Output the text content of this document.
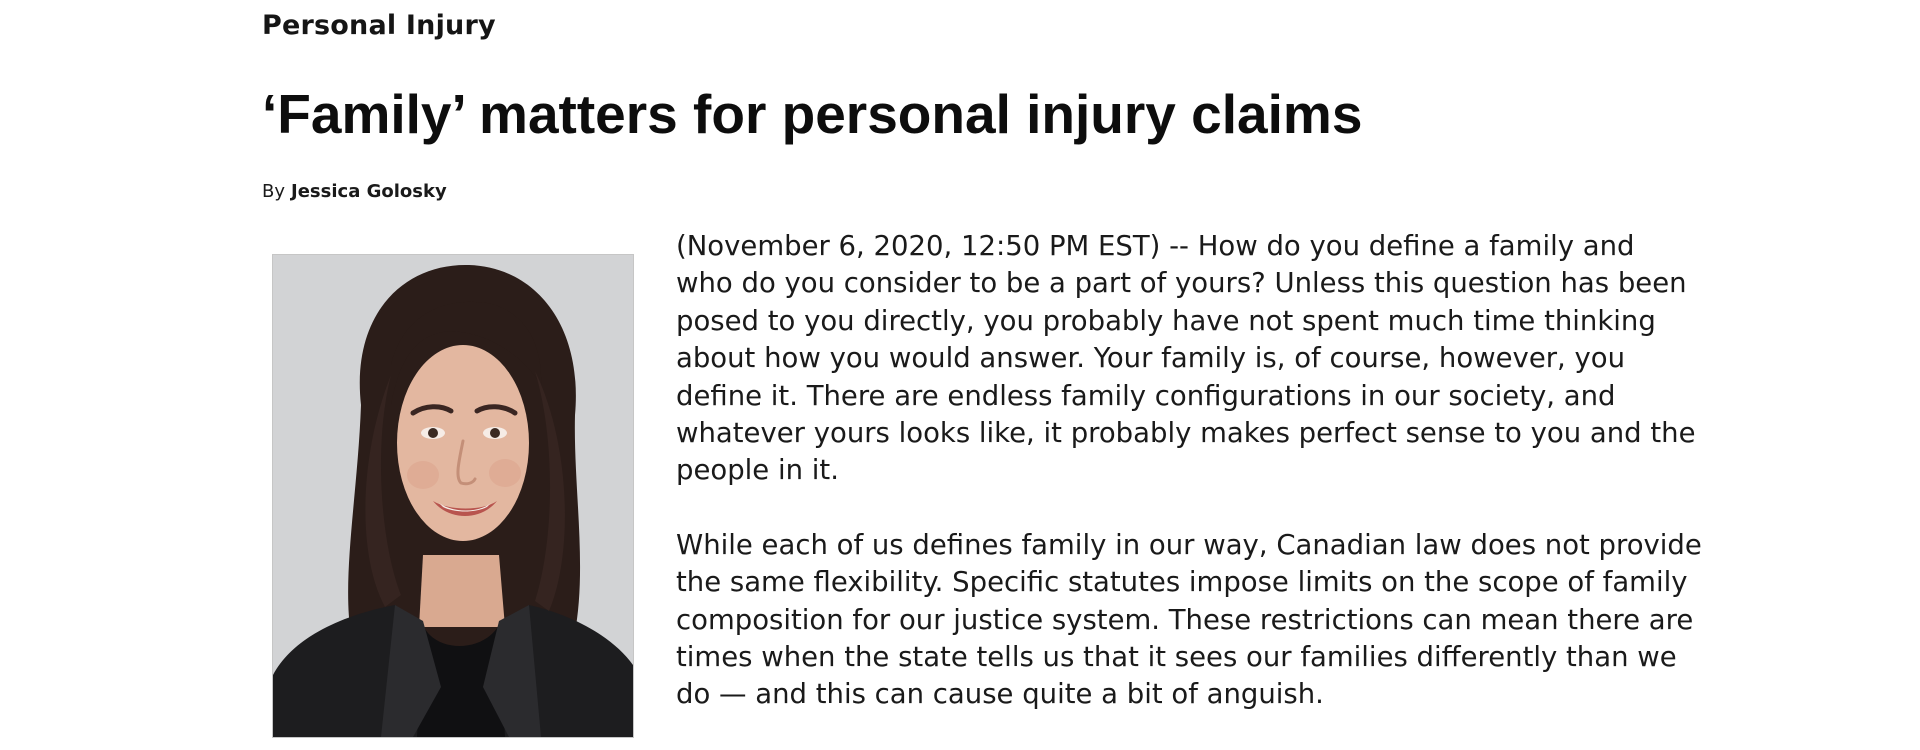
Personal Injury
‘Family’ matters for personal injury claims
By Jessica Golosky

(November 6, 2020, 12:50 PM EST) -- How do you define a family and
who do you consider to be a part of yours? Unless this question has been
posed to you directly, you probably have not spent much time thinking
about how you would answer. Your family is, of course, however, you
define it. There are endless family configurations in our society, and
whatever yours looks like, it probably makes perfect sense to you and the
people in it.

While each of us defines family in our way, Canadian law does not provide
the same flexibility. Specific statutes impose limits on the scope of family
composition for our justice system. These restrictions can mean there are
times when the state tells us that it sees our families differently than we
do — and this can cause quite a bit of anguish.
